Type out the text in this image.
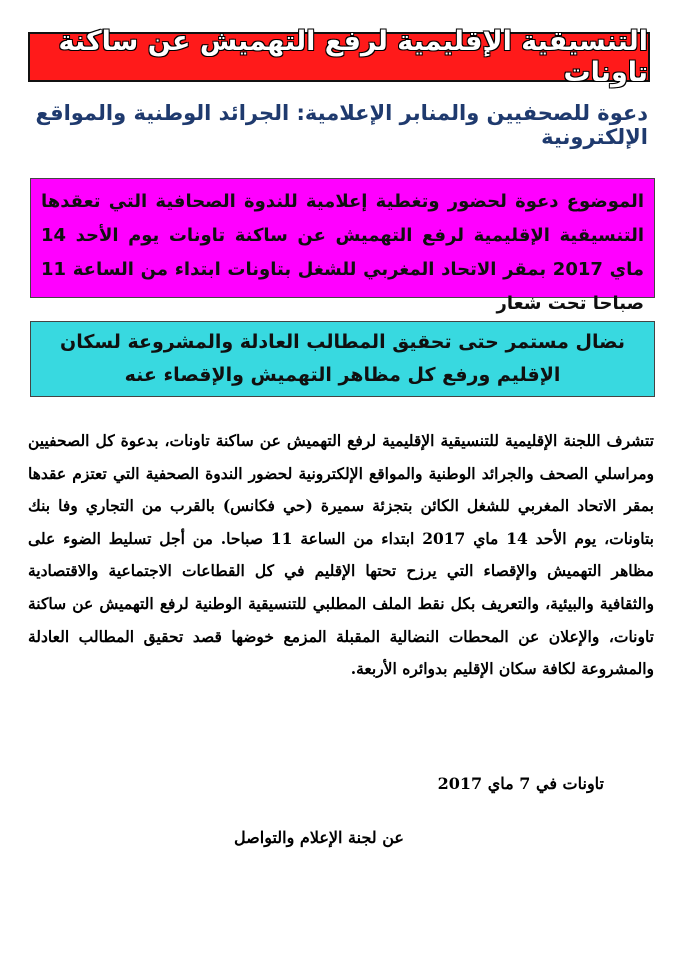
التنسيقية الإقليمية لرفع التهميش عن ساكنة تاونات
دعوة للصحفيين والمنابر الإعلامية: الجرائد الوطنية والمواقع الإلكترونية
الموضوع دعوة لحضور وتغطية إعلامية للندوة الصحافية التي تعقدها التنسيقية الإقليمية لرفع التهميش عن ساكنة تاونات يوم الأحد 14 ماي 2017 بمقر الاتحاد المغربي للشغل بتاونات ابتداء من الساعة 11 صباحا تحت شعار
نضال مستمر حتى تحقيق المطالب العادلة والمشروعة لسكان الإقليم ورفع كل مظاهر التهميش والإقصاء عنه
تتشرف اللجنة الإقليمية للتنسيقية الإقليمية لرفع التهميش عن ساكنة تاونات، بدعوة كل الصحفيين ومراسلي الصحف والجرائد الوطنية والمواقع الإلكترونية لحضور الندوة الصحفية التي تعتزم عقدها بمقر الاتحاد المغربي للشغل الكائن بتجزئة سميرة (حي فكانس) بالقرب من التجاري وفا بنك بتاونات، يوم الأحد 14 ماي 2017 ابتداء من الساعة 11 صباحا. من أجل تسليط الضوء على مظاهر التهميش والإقصاء التي يرزح تحتها الإقليم في كل القطاعات الاجتماعية والاقتصادية والثقافية والبيئية، والتعريف بكل نقط الملف المطلبي للتنسيقية الوطنية لرفع التهميش عن ساكنة تاونات، والإعلان عن المحطات النضالية المقبلة المزمع خوضها قصد تحقيق المطالب العادلة والمشروعة لكافة سكان الإقليم بدوائره الأربعة.
تاونات في 7 ماي 2017
عن لجنة الإعلام والتواصل
